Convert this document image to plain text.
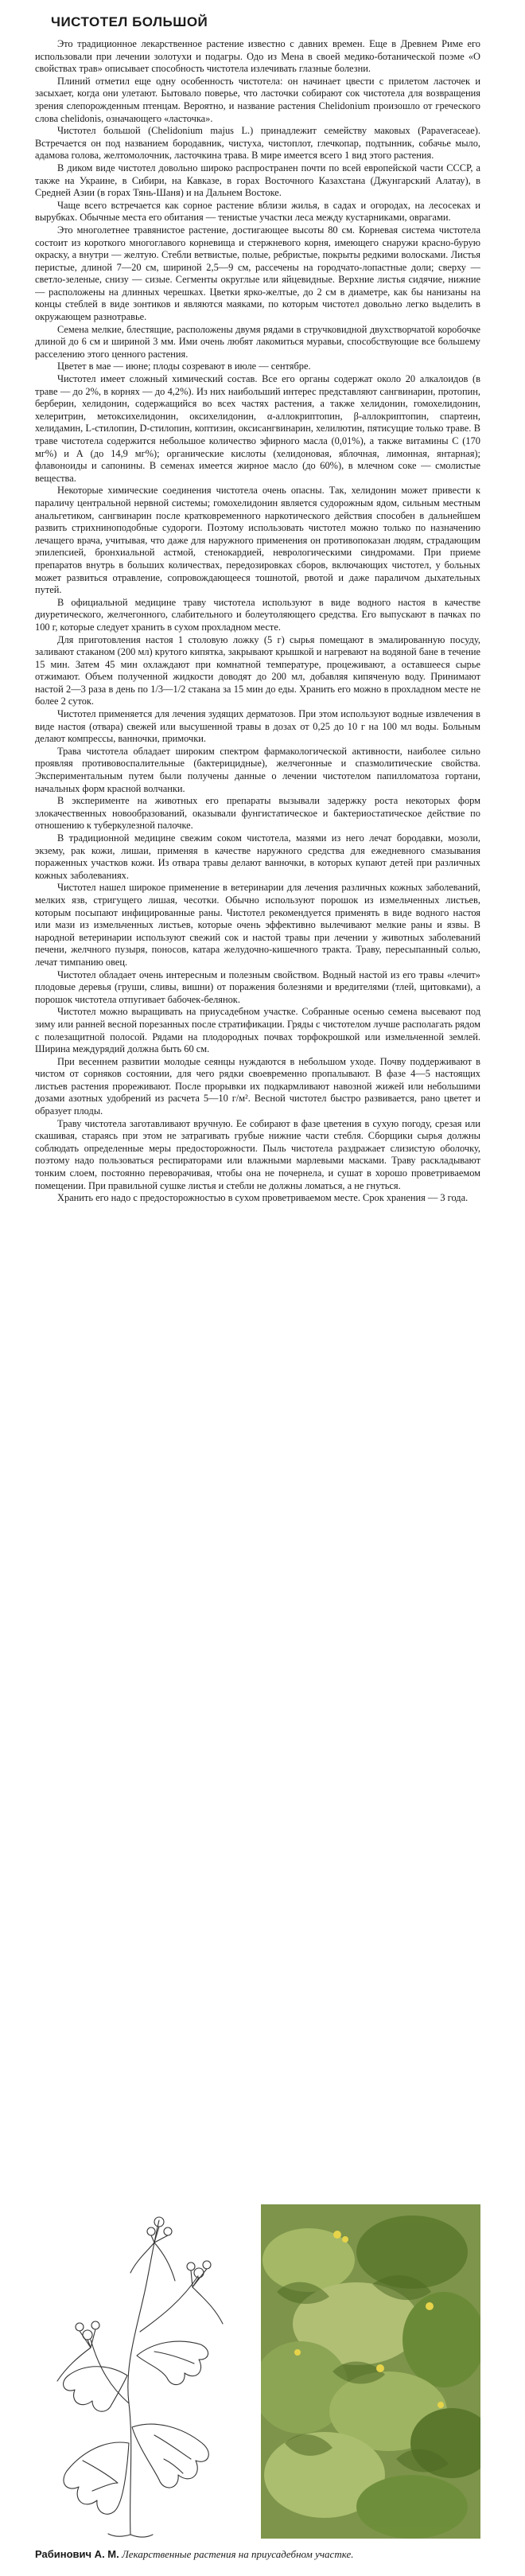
ЧИСТОТЕЛ БОЛЬШОЙ

Это традиционное лекарственное растение известно с давних времен. Еще в Древнем Риме его использовали при лечении золотухи и подагры. Одо из Мена в своей медико-ботанической поэме «О свойствах трав» описывает способность чистотела излечивать глазные болезни.

Плиний отметил еще одну особенность чистотела: он начинает цвести с прилетом ласточек и засыхает, когда они улетают. Бытовало поверье, что ласточки собирают сок чистотела для возвращения зрения слепорожденным птенцам. Вероятно, и название растения Chelidonium произошло от греческого слова chelidonis, означающего «ласточка».

Чистотел большой (Chelidonium majus L.) принадлежит семейству маковых (Papaveraceae). Встречается он под названием бородавник, чистуха, чистоплот, глечкопар, подтынник, собачье мыло, адамова голова, желтомолочник, ласточкина трава. В мире имеется всего 1 вид этого растения.

В диком виде чистотел довольно широко распространен почти по всей европейской части СССР, а также на Украине, в Сибири, на Кавказе, в горах Восточного Казахстана (Джунгарский Алатау), в Средней Азии (в горах Тянь-Шаня) и на Дальнем Востоке.

Чаще всего встречается как сорное растение вблизи жилья, в садах и огородах, на лесосеках и вырубках. Обычные места его обитания — тенистые участки леса между кустарниками, оврагами.

Это многолетнее травянистое растение, достигающее высоты 80 см. Корневая система чистотела состоит из короткого многоглавого корневища и стержневого корня, имеющего снаружи красно-бурую окраску, а внутри — желтую. Стебли ветвистые, полые, ребристые, покрыты редкими волосками. Листья перистые, длиной 7—20 см, шириной 2,5—9 см, рассечены на городчато-лопастные доли; сверху — светло-зеленые, снизу — сизые. Сегменты округлые или яйцевидные. Верхние листья сидячие, нижние — расположены на длинных черешках. Цветки ярко-желтые, до 2 см в диаметре, как бы нанизаны на концы стеблей в виде зонтиков и являются маяками, по которым чистотел довольно легко выделить в окружающем разнотравье.

Семена мелкие, блестящие, расположены двумя рядами в стручковидной двухстворчатой коробочке длиной до 6 см и шириной 3 мм. Ими очень любят лакомиться муравьи, способствующие все большему расселению этого ценного растения.

Цветет в мае — июне; плоды созревают в июле — сентябре.

Чистотел имеет сложный химический состав. Все его органы содержат около 20 алкалоидов (в траве — до 2%, в корнях — до 4,2%). Из них наибольший интерес представляют сангвинарин, протопин, берберин, хелидонин, содержащийся во всех частях растения, а также хелидонин, гомохелидонин, хелеритрин, метоксихелидонин, оксихелидонин, α-аллокриптопин, β-аллокриптопин, спартеин, хелидамин, L-стилопин, D-стилопин, коптизин, оксисангвинарин, хелилютин, пятисущие только траве. В траве чистотела содержится небольшое количество эфирного масла (0,01%), а также витамины С (170 мг%) и А (до 14,9 мг%); органические кислоты (хелидоновая, яблочная, лимонная, янтарная); флавоноиды и сапонины. В семенах имеется жирное масло (до 60%), в млечном соке — смолистые вещества.

Некоторые химические соединения чистотела очень опасны. Так, хелидонин может привести к параличу центральной нервной системы; гомохелидонин является судорожным ядом, сильным местным анальгетиком, сангвинарин после кратковременного наркотического действия способен в дальнейшем развить стрихниноподобные судороги. Поэтому использовать чистотел можно только по назначению лечащего врача, учитывая, что даже для наружного применения он противопоказан людям, страдающим эпилепсией, бронхиальной астмой, стенокардией, неврологическими синдромами. При приеме препаратов внутрь в больших количествах, передозировках сборов, включающих чистотел, у больных может развиться отравление, сопровождающееся тошнотой, рвотой и даже параличом дыхательных путей.

В официальной медицине траву чистотела используют в виде водного настоя в качестве диуретического, желчегонного, слабительного и болеутоляющего средства. Его выпускают в пачках по 100 г, которые следует хранить в сухом прохладном месте.

Для приготовления настоя 1 столовую ложку (5 г) сырья помещают в эмалированную посуду, заливают стаканом (200 мл) крутого кипятка, закрывают крышкой и нагревают на водяной бане в течение 15 мин. Затем 45 мин охлаждают при комнатной температуре, процеживают, а оставшееся сырье отжимают. Объем полученной жидкости доводят до 200 мл, добавляя кипяченую воду. Принимают настой 2—3 раза в день по 1/3—1/2 стакана за 15 мин до еды. Хранить его можно в прохладном месте не более 2 суток.

Чистотел применяется для лечения зудящих дерматозов. При этом используют водные извлечения в виде настоя (отвара) свежей или высушенной травы в дозах от 0,25 до 10 г на 100 мл воды. Больным делают компрессы, ванночки, примочки.

Трава чистотела обладает широким спектром фармакологической активности, наиболее сильно проявляя противовоспалительные (бактерицидные), желчегонные и спазмолитические свойства. Экспериментальным путем были получены данные о лечении чистотелом папилломатоза гортани, начальных форм красной волчанки.

В эксперименте на животных его препараты вызывали задержку роста некоторых форм злокачественных новообразований, оказывали фунгистатическое и бактериостатическое действие по отношению к туберкулезной палочке.

В традиционной медицине свежим соком чистотела, мазями из него лечат бородавки, мозоли, экзему, рак кожи, лишаи, применяя в качестве наружного средства для ежедневного смазывания пораженных участков кожи. Из отвара травы делают ванночки, в которых купают детей при различных кожных заболеваниях.

Чистотел нашел широкое применение в ветеринарии для лечения различных кожных заболеваний, мелких язв, стригущего лишая, чесотки. Обычно используют порошок из измельченных листьев, которым посыпают инфицированные раны. Чистотел рекомендуется применять в виде водного настоя или мази из измельченных листьев, которые очень эффективно вылечивают мелкие раны и язвы. В народной ветеринарии используют свежий сок и настой травы при лечении у животных заболеваний печени, желчного пузыря, поносов, катара желудочно-кишечного тракта. Траву, пересыпанный солью, лечат тимпанию овец.

Чистотел обладает очень интересным и полезным свойством. Водный настой из его травы «лечит» плодовые деревья (груши, сливы, вишни) от поражения болезнями и вредителями (тлей, щитовками), а порошок чистотела отпугивает бабочек-белянок.

Чистотел можно выращивать на приусадебном участке. Собранные осенью семена высевают под зиму или ранней весной порезанных после стратификации. Гряды с чистотелом лучше располагать рядом с полезащитной полосой. Рядами на плодородных почвах торфокрошкой или измельченной землей. Ширина междурядий должна быть 60 см.

При весеннем развитии молодые сеянцы нуждаются в небольшом уходе. Почву поддерживают в чистом от сорняков состоянии, для чего рядки своевременно пропалывают. В фазе 4—5 настоящих листьев растения прореживают. После прорывки их подкармливают навозной жижей или небольшими дозами азотных удобрений из расчета 5—10 г/м². Весной чистотел быстро развивается, рано цветет и образует плоды.

Траву чистотела заготавливают вручную. Ее собирают в фазе цветения в сухую погоду, срезая или скашивая, стараясь при этом не затрагивать грубые нижние части стебля. Сборщики сырья должны соблюдать определенные меры предосторожности. Пыль чистотела раздражает слизистую оболочку, поэтому надо пользоваться респираторами или влажными марлевыми масками. Траву раскладывают тонким слоем, постоянно переворачивая, чтобы она не почернела, и сушат в хорошо проветриваемом помещении. При правильной сушке листья и стебли не должны ломаться, а не гнуться.

Хранить его надо с предосторожностью в сухом проветриваемом месте. Срок хранения — 3 года.

Рабинович А. М. Лекарственные растения на приусадебном участке.
